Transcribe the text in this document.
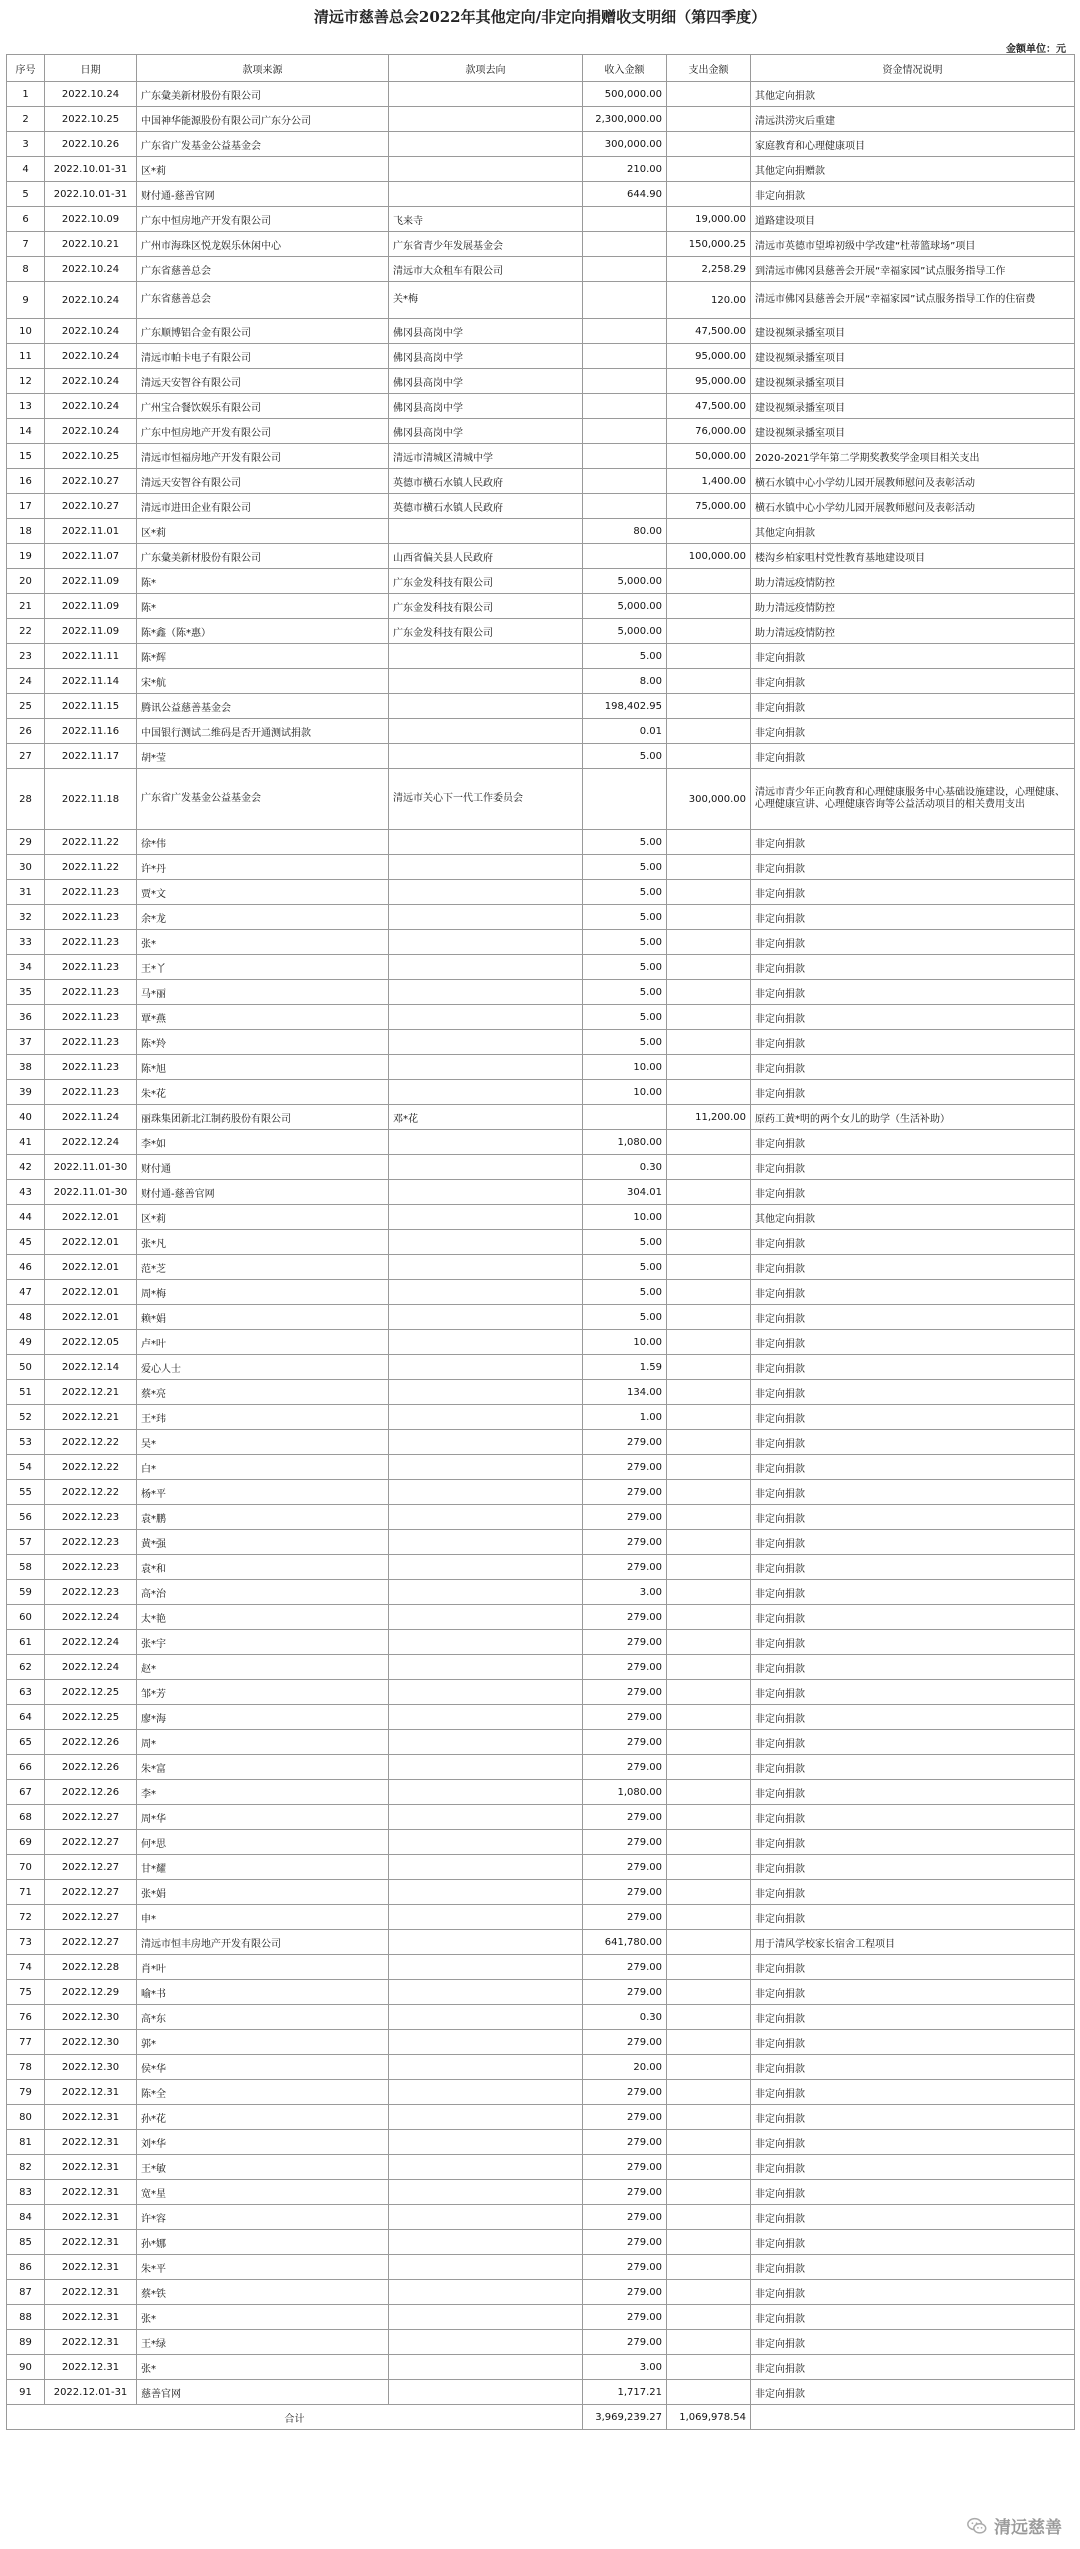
清远市慈善总会2022年其他定向/非定向捐赠收支明细（第四季度）
金额单位：元
序号	日期	款项来源	款项去向	收入金额	支出金额	资金情况说明
1	2022.10.24	广东彙美新材股份有限公司		500,000.00		其他定向捐款
2	2022.10.25	中国神华能源股份有限公司广东分公司		2,300,000.00		清远洪涝灾后重建
3	2022.10.26	广东省广发基金公益基金会		300,000.00		家庭教育和心理健康项目
4	2022.10.01-31	区*莉		210.00		其他定向捐赠款
5	2022.10.01-31	财付通-慈善官网		644.90		非定向捐款
6	2022.10.09	广东中恒房地产开发有限公司	飞来寺		19,000.00	道路建设项目
7	2022.10.21	广州市海珠区悦龙娱乐休闲中心	广东省青少年发展基金会		150,000.25	清远市英德市望埠初级中学改建“杜蒂篮球场”项目
8	2022.10.24	广东省慈善总会	清远市大众租车有限公司		2,258.29	到清远市佛冈县慈善会开展“幸福家园”试点服务指导工作
9	2022.10.24	广东省慈善总会	关*梅		120.00	清远市佛冈县慈善会开展“幸福家园”试点服务指导工作的住宿费
10	2022.10.24	广东顺博铝合金有限公司	佛冈县高岗中学		47,500.00	建设视频录播室项目
11	2022.10.24	清远市帕卡电子有限公司	佛冈县高岗中学		95,000.00	建设视频录播室项目
12	2022.10.24	清远天安智谷有限公司	佛冈县高岗中学		95,000.00	建设视频录播室项目
13	2022.10.24	广州宝合餐饮娱乐有限公司	佛冈县高岗中学		47,500.00	建设视频录播室项目
14	2022.10.24	广东中恒房地产开发有限公司	佛冈县高岗中学		76,000.00	建设视频录播室项目
15	2022.10.25	清远市恒福房地产开发有限公司	清远市清城区清城中学		50,000.00	2020-2021学年第二学期奖教奖学金项目相关支出
16	2022.10.27	清远天安智谷有限公司	英德市横石水镇人民政府		1,400.00	横石水镇中心小学幼儿园开展教师慰问及表彰活动
17	2022.10.27	清远市进田企业有限公司	英德市横石水镇人民政府		75,000.00	横石水镇中心小学幼儿园开展教师慰问及表彰活动
18	2022.11.01	区*莉		80.00		其他定向捐款
19	2022.11.07	广东彙美新材股份有限公司	山西省偏关县人民政府		100,000.00	楼沟乡柏家咀村党性教育基地建设项目
20	2022.11.09	陈*	广东金发科技有限公司	5,000.00		助力清远疫情防控
21	2022.11.09	陈*	广东金发科技有限公司	5,000.00		助力清远疫情防控
22	2022.11.09	陈*鑫（陈*惠）	广东金发科技有限公司	5,000.00		助力清远疫情防控
23	2022.11.11	陈*辉		5.00		非定向捐款
24	2022.11.14	宋*航		8.00		非定向捐款
25	2022.11.15	腾讯公益慈善基金会		198,402.95		非定向捐款
26	2022.11.16	中国银行测试二维码是否开通测试捐款		0.01		非定向捐款
27	2022.11.17	胡*莹		5.00		非定向捐款
28	2022.11.18	广东省广发基金公益基金会	清远市关心下一代工作委员会		300,000.00	清远市青少年正向教育和心理健康服务中心基础设施建设，心理健康、心理健康宣讲、心理健康咨询等公益活动项目的相关费用支出
29	2022.11.22	徐*伟		5.00		非定向捐款
30	2022.11.22	许*丹		5.00		非定向捐款
31	2022.11.23	贾*文		5.00		非定向捐款
32	2022.11.23	余*龙		5.00		非定向捐款
33	2022.11.23	张*		5.00		非定向捐款
34	2022.11.23	王*丫		5.00		非定向捐款
35	2022.11.23	马*丽		5.00		非定向捐款
36	2022.11.23	覃*燕		5.00		非定向捐款
37	2022.11.23	陈*羚		5.00		非定向捐款
38	2022.11.23	陈*旭		10.00		非定向捐款
39	2022.11.23	朱*花		10.00		非定向捐款
40	2022.11.24	丽珠集团新北江制药股份有限公司	邓*花		11,200.00	原药工黄*明的两个女儿的助学（生活补助）
41	2022.12.24	李*如		1,080.00		非定向捐款
42	2022.11.01-30	财付通		0.30		非定向捐款
43	2022.11.01-30	财付通-慈善官网		304.01		非定向捐款
44	2022.12.01	区*莉		10.00		其他定向捐款
45	2022.12.01	张*凡		5.00		非定向捐款
46	2022.12.01	范*芝		5.00		非定向捐款
47	2022.12.01	周*梅		5.00		非定向捐款
48	2022.12.01	赖*娟		5.00		非定向捐款
49	2022.12.05	卢*叶		10.00		非定向捐款
50	2022.12.14	爱心人士		1.59		非定向捐款
51	2022.12.21	蔡*亮		134.00		非定向捐款
52	2022.12.21	王*玮		1.00		非定向捐款
53	2022.12.22	吴*		279.00		非定向捐款
54	2022.12.22	白*		279.00		非定向捐款
55	2022.12.22	杨*平		279.00		非定向捐款
56	2022.12.23	袁*鹏		279.00		非定向捐款
57	2022.12.23	黄*强		279.00		非定向捐款
58	2022.12.23	袁*和		279.00		非定向捐款
59	2022.12.23	高*治		3.00		非定向捐款
60	2022.12.24	太*艳		279.00		非定向捐款
61	2022.12.24	张*宇		279.00		非定向捐款
62	2022.12.24	赵*		279.00		非定向捐款
63	2022.12.25	邹*芳		279.00		非定向捐款
64	2022.12.25	廖*海		279.00		非定向捐款
65	2022.12.26	周*		279.00		非定向捐款
66	2022.12.26	朱*富		279.00		非定向捐款
67	2022.12.26	李*		1,080.00		非定向捐款
68	2022.12.27	周*华		279.00		非定向捐款
69	2022.12.27	何*思		279.00		非定向捐款
70	2022.12.27	甘*耀		279.00		非定向捐款
71	2022.12.27	张*娟		279.00		非定向捐款
72	2022.12.27	申*		279.00		非定向捐款
73	2022.12.27	清远市恒丰房地产开发有限公司		641,780.00		用于清风学校家长宿舍工程项目
74	2022.12.28	肖*叶		279.00		非定向捐款
75	2022.12.29	喻*书		279.00		非定向捐款
76	2022.12.30	高*东		0.30		非定向捐款
77	2022.12.30	郭*		279.00		非定向捐款
78	2022.12.30	侯*华		20.00		非定向捐款
79	2022.12.31	陈*全		279.00		非定向捐款
80	2022.12.31	孙*花		279.00		非定向捐款
81	2022.12.31	刘*华		279.00		非定向捐款
82	2022.12.31	王*敏		279.00		非定向捐款
83	2022.12.31	宽*星		279.00		非定向捐款
84	2022.12.31	许*容		279.00		非定向捐款
85	2022.12.31	孙*娜		279.00		非定向捐款
86	2022.12.31	朱*平		279.00		非定向捐款
87	2022.12.31	蔡*铁		279.00		非定向捐款
88	2022.12.31	张*		279.00		非定向捐款
89	2022.12.31	王*绿		279.00		非定向捐款
90	2022.12.31	张*		3.00		非定向捐款
91	2022.12.01-31	慈善官网		1,717.21		非定向捐款
合计				3,969,239.27	1,069,978.54	
清远慈善
